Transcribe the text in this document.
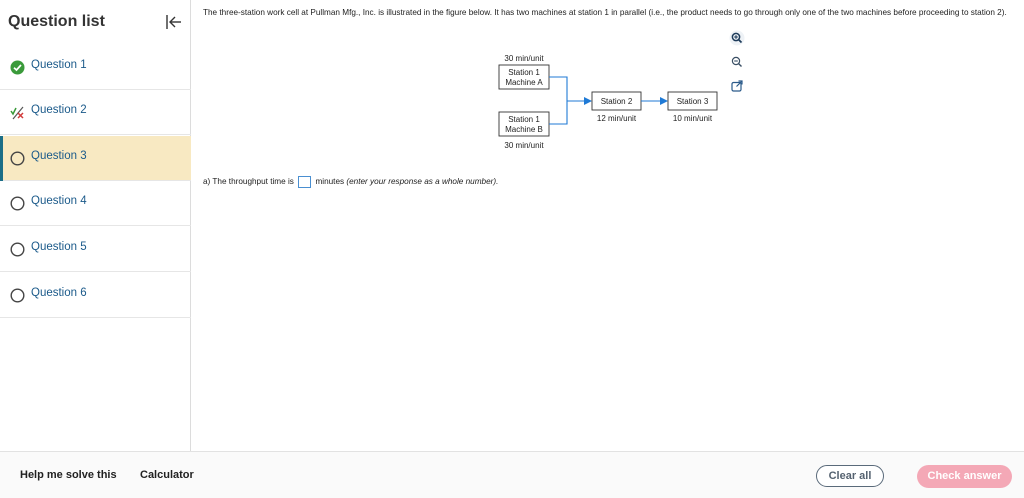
Question list
Question 1
Question 2
Question 3
Question 4
Question 5
Question 6

The three-station work cell at Pullman Mfg., Inc. is illustrated in the figure below. It has two machines at station 1 in parallel (i.e., the product needs to go through only one of the two machines before proceeding to station 2).

30 min/unit
Station 1
Machine A
Station 1
Machine B
30 min/unit
Station 2
12 min/unit
Station 3
10 min/unit
a) The throughput time is	minutes (enter your response as a whole number).
Help me solve this Calculator	Clear all	Check answer
